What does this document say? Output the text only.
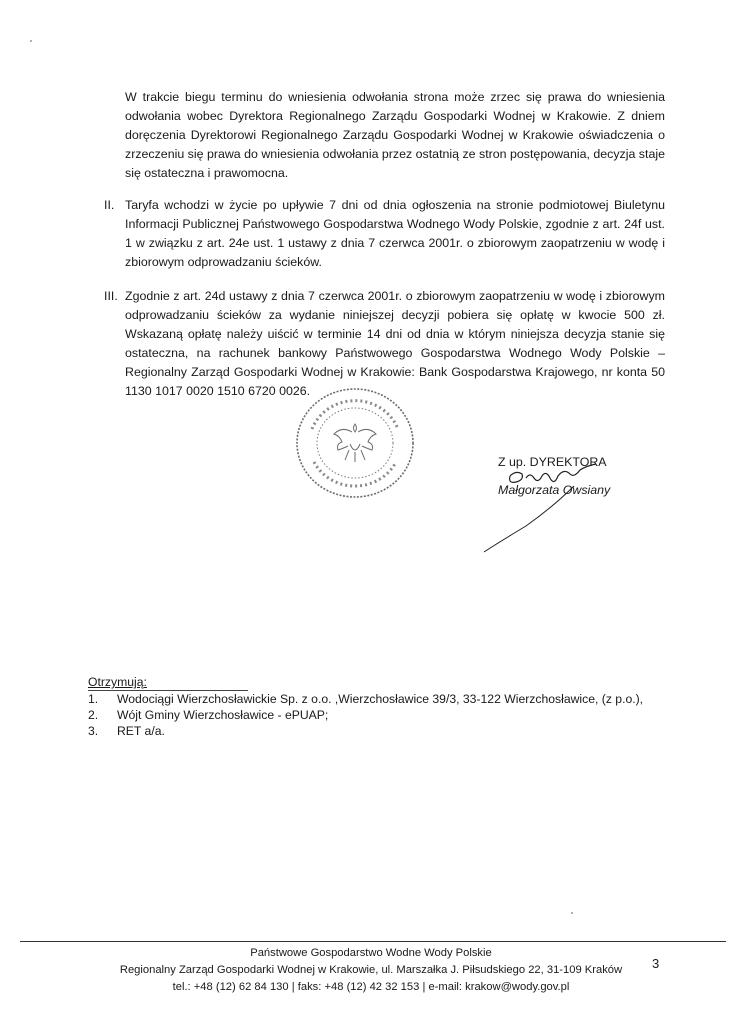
W trakcie biegu terminu do wniesienia odwołania strona może zrzec się prawa do wniesienia odwołania wobec Dyrektora Regionalnego Zarządu Gospodarki Wodnej w Krakowie. Z dniem doręczenia Dyrektorowi Regionalnego Zarządu Gospodarki Wodnej w Krakowie oświadczenia o zrzeczeniu się prawa do wniesienia odwołania przez ostatnią ze stron postępowania, decyzja staje się ostateczna i prawomocna.

II. Taryfa wchodzi w życie po upływie 7 dni od dnia ogłoszenia na stronie podmiotowej Biuletynu Informacji Publicznej Państwowego Gospodarstwa Wodnego Wody Polskie, zgodnie z art. 24f ust. 1 w związku z art. 24e ust. 1 ustawy z dnia 7 czerwca 2001r. o zbiorowym zaopatrzeniu w wodę i zbiorowym odprowadzaniu ścieków.
III. Zgodnie z art. 24d ustawy z dnia 7 czerwca 2001r. o zbiorowym zaopatrzeniu w wodę i zbiorowym odprowadzaniu ścieków za wydanie niniejszej decyzji pobiera się opłatę w kwocie 500 zł. Wskazaną opłatę należy uiścić w terminie 14 dni od dnia w którym niniejsza decyzja stanie się ostateczna, na rachunek bankowy Państwowego Gospodarstwa Wodnego Wody Polskie – Regionalny Zarząd Gospodarki Wodnej w Krakowie: Bank Gospodarstwa Krajowego, nr konta 50 1130 1017 0020 1510 6720 0026.
Z up. DYREKTORA
Małgorzata Owsiany
Otrzymują:
1. Wodociągi Wierzchosławickie Sp. z o.o. ,Wierzchosławice 39/3, 33-122 Wierzchosławice, (z p.o.),
2. Wójt Gminy Wierzchosławice - ePUAP;
3. RET a/a.
Państwowe Gospodarstwo Wodne Wody Polskie
Regionalny Zarząd Gospodarki Wodnej w Krakowie, ul. Marszałka J. Piłsudskiego 22, 31-109 Kraków
tel.: +48 (12) 62 84 130 | faks: +48 (12) 42 32 153 | e-mail: krakow@wody.gov.pl
3
